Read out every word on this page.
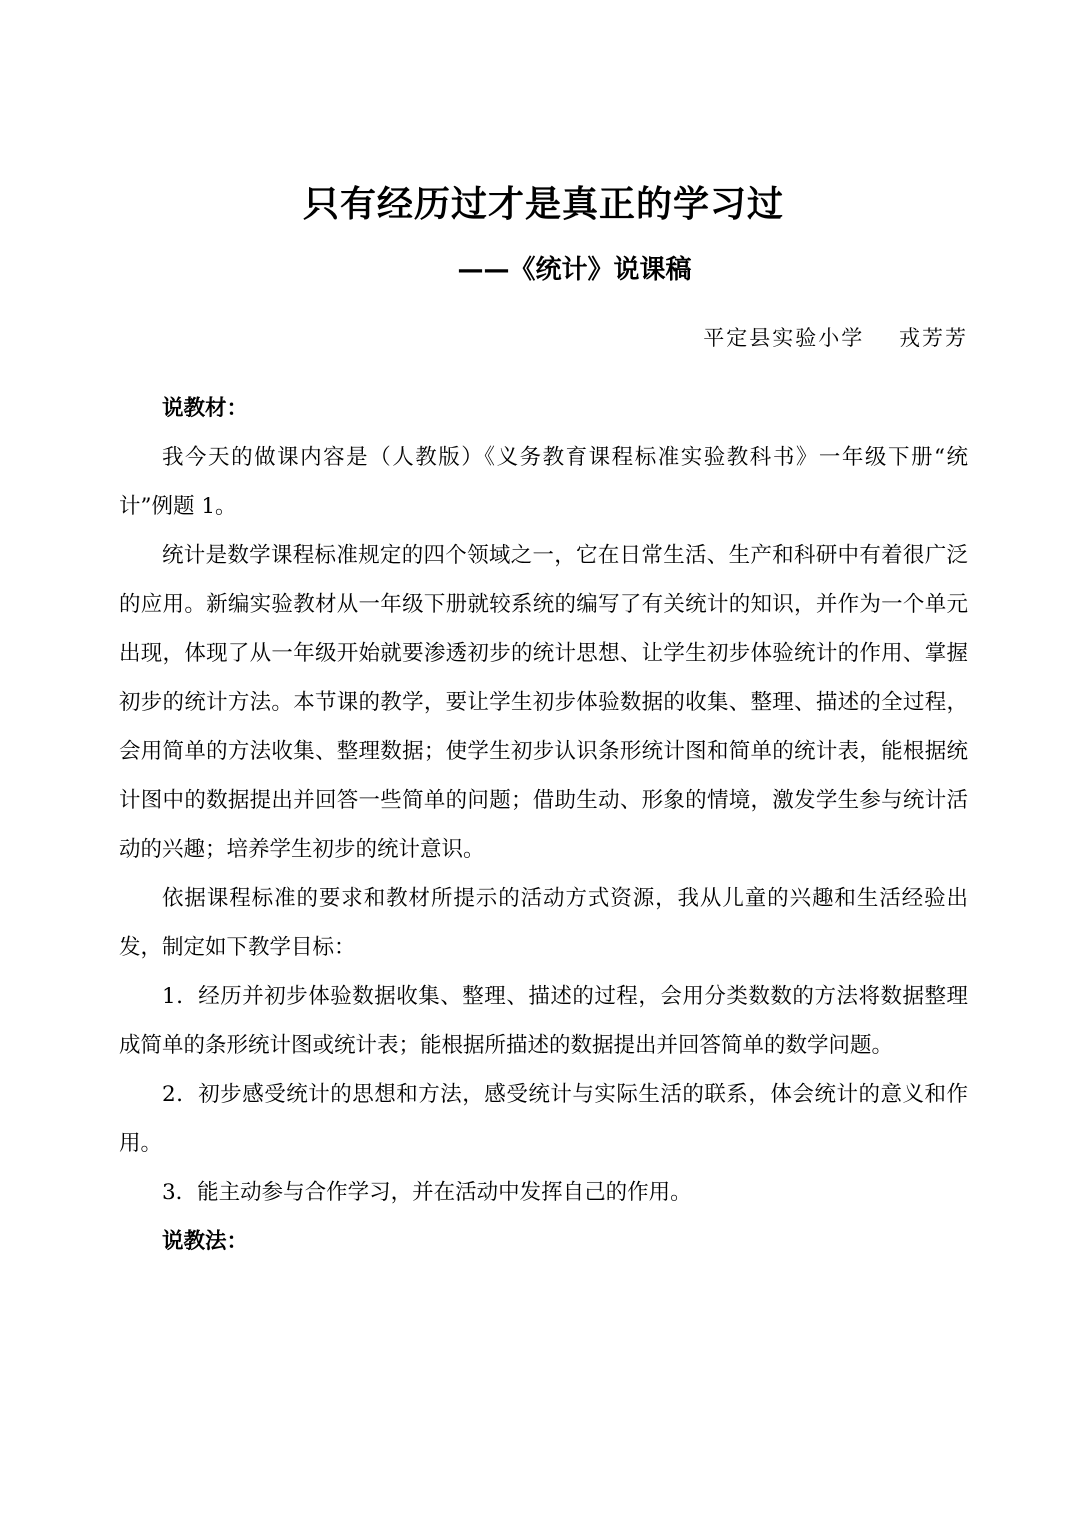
只有经历过才是真正的学习过
——《统计》说课稿
平定县实验小学    戎芳芳

说教材：

我今天的做课内容是（人教版）《义务教育课程标准实验教科书》一年级下册“统计”例题 1。

统计是数学课程标准规定的四个领域之一，它在日常生活、生产和科研中有着很广泛的应用。新编实验教材从一年级下册就较系统的编写了有关统计的知识，并作为一个单元出现，体现了从一年级开始就要渗透初步的统计思想、让学生初步体验统计的作用、掌握初步的统计方法。本节课的教学，要让学生初步体验数据的收集、整理、描述的全过程，会用简单的方法收集、整理数据；使学生初步认识条形统计图和简单的统计表，能根据统计图中的数据提出并回答一些简单的问题；借助生动、形象的情境，激发学生参与统计活动的兴趣；培养学生初步的统计意识。

依据课程标准的要求和教材所提示的活动方式资源，我从儿童的兴趣和生活经验出发，制定如下教学目标：

1．经历并初步体验数据收集、整理、描述的过程，会用分类数数的方法将数据整理成简单的条形统计图或统计表；能根据所描述的数据提出并回答简单的数学问题。

2．初步感受统计的思想和方法，感受统计与实际生活的联系，体会统计的意义和作用。

3．能主动参与合作学习，并在活动中发挥自己的作用。

说教法：
